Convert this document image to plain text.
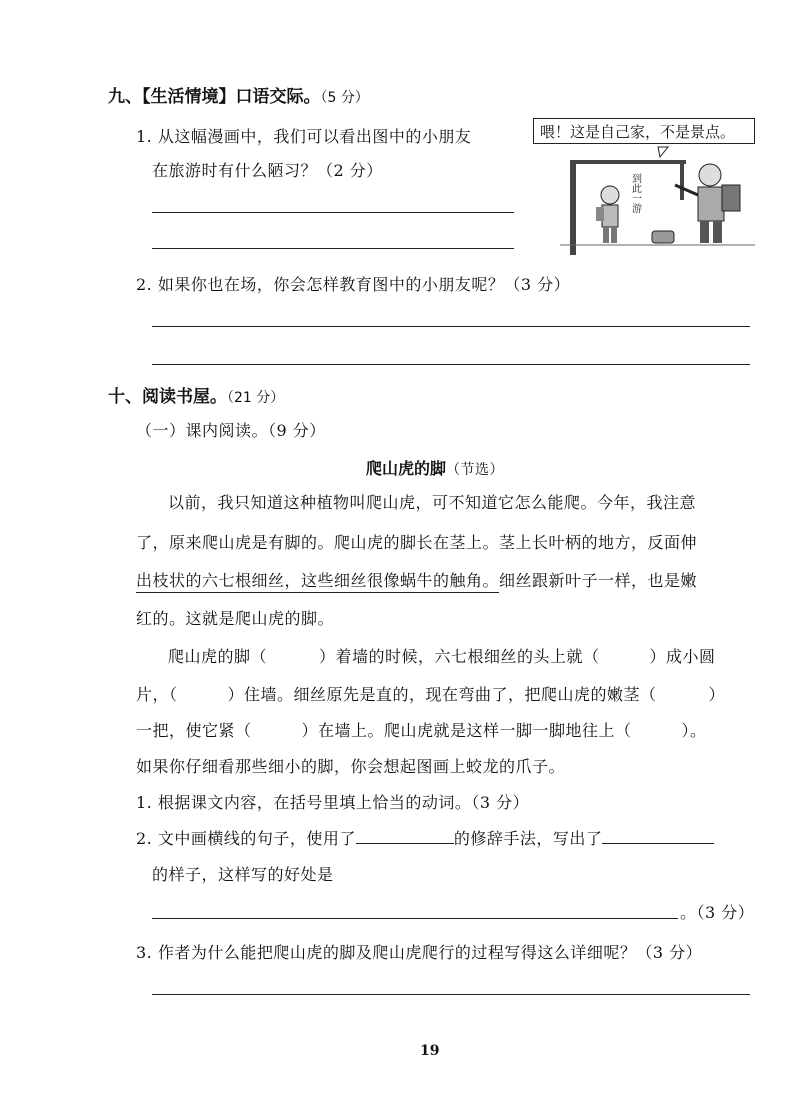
九、【生活情境】口语交际。（5 分）
1. 从这幅漫画中，我们可以看出图中的小朋友
在旅游时有什么陋习？（2 分）
喂！这是自己家，不是景点。
到此一游
2. 如果你也在场，你会怎样教育图中的小朋友呢？（3 分）
十、阅读书屋。（21 分）
（一）课内阅读。（9 分）
爬山虎的脚（节选）
以前，我只知道这种植物叫爬山虎，可不知道它怎么能爬。今年，我注意
了，原来爬山虎是有脚的。爬山虎的脚长在茎上。茎上长叶柄的地方，反面伸
出枝状的六七根细丝，这些细丝很像蜗牛的触角。细丝跟新叶子一样，也是嫩
红的。这就是爬山虎的脚。
爬山虎的脚（	）着墙的时候，六七根细丝的头上就（	）成小圆
片，（	）住墙。细丝原先是直的，现在弯曲了，把爬山虎的嫩茎（	）
一把，使它紧（	）在墙上。爬山虎就是这样一脚一脚地往上（	）。
如果你仔细看那些细小的脚，你会想起图画上蛟龙的爪子。
1. 根据课文内容，在括号里填上恰当的动词。（3 分）
2. 文中画横线的句子，使用了	的修辞手法，写出了
的样子，这样写的好处是
。（3 分）
3. 作者为什么能把爬山虎的脚及爬山虎爬行的过程写得这么详细呢？（3 分）
19
